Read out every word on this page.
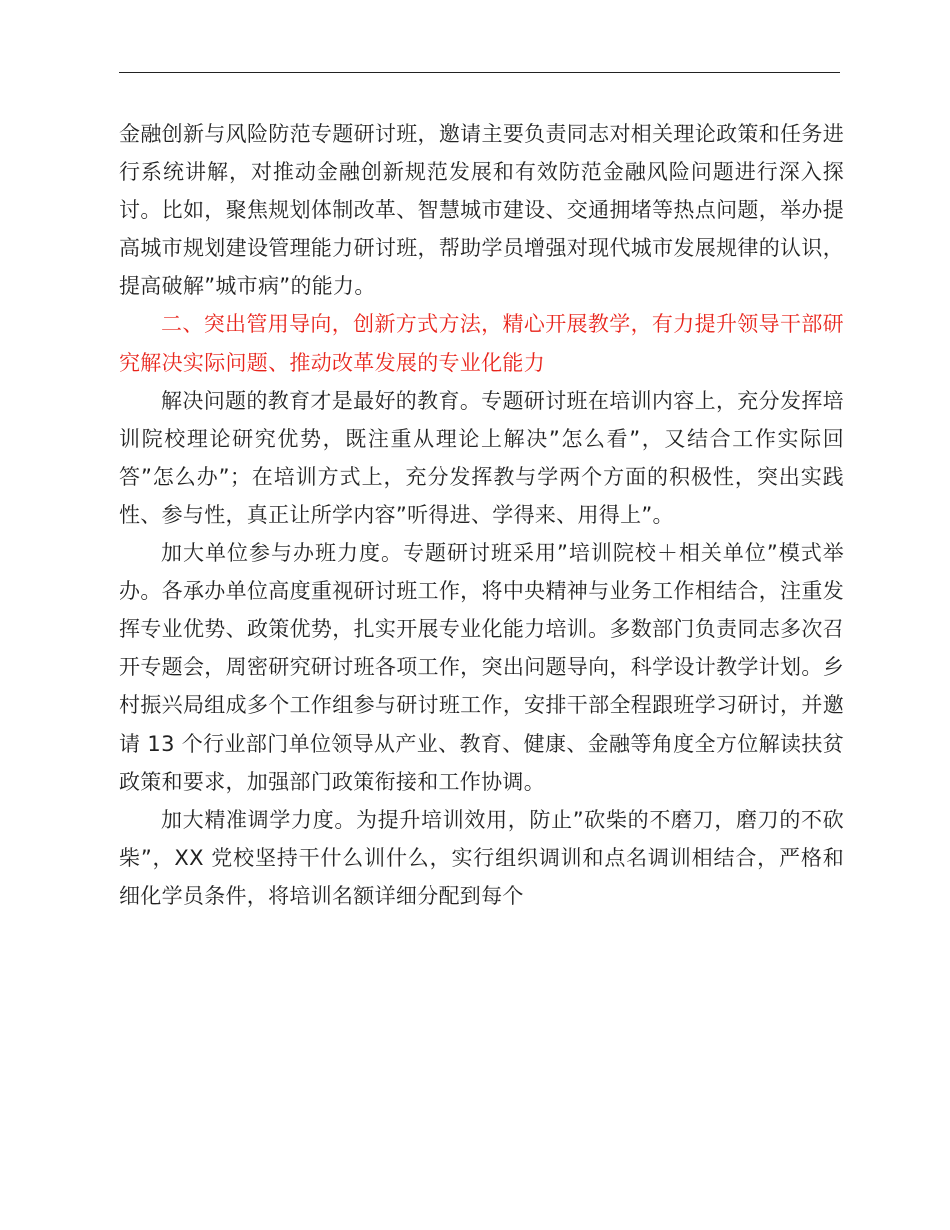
金融创新与风险防范专题研讨班，邀请主要负责同志对相关理论政策和任务进行系统讲解，对推动金融创新规范发展和有效防范金融风险问题进行深入探讨。比如，聚焦规划体制改革、智慧城市建设、交通拥堵等热点问题，举办提高城市规划建设管理能力研讨班，帮助学员增强对现代城市发展规律的认识，提高破解”城市病”的能力。

二、突出管用导向，创新方式方法，精心开展教学，有力提升领导干部研究解决实际问题、推动改革发展的专业化能力

解决问题的教育才是最好的教育。专题研讨班在培训内容上，充分发挥培训院校理论研究优势，既注重从理论上解决”怎么看”，又结合工作实际回答”怎么办”；在培训方式上，充分发挥教与学两个方面的积极性，突出实践性、参与性，真正让所学内容”听得进、学得来、用得上”。

加大单位参与办班力度。专题研讨班采用”培训院校＋相关单位”模式举办。各承办单位高度重视研讨班工作，将中央精神与业务工作相结合，注重发挥专业优势、政策优势，扎实开展专业化能力培训。多数部门负责同志多次召开专题会，周密研究研讨班各项工作，突出问题导向，科学设计教学计划。乡村振兴局组成多个工作组参与研讨班工作，安排干部全程跟班学习研讨，并邀请 13 个行业部门单位领导从产业、教育、健康、金融等角度全方位解读扶贫政策和要求，加强部门政策衔接和工作协调。

加大精准调学力度。为提升培训效用，防止”砍柴的不磨刀，磨刀的不砍柴”，XX 党校坚持干什么训什么，实行组织调训和点名调训相结合，严格和细化学员条件，将培训名额详细分配到每个
